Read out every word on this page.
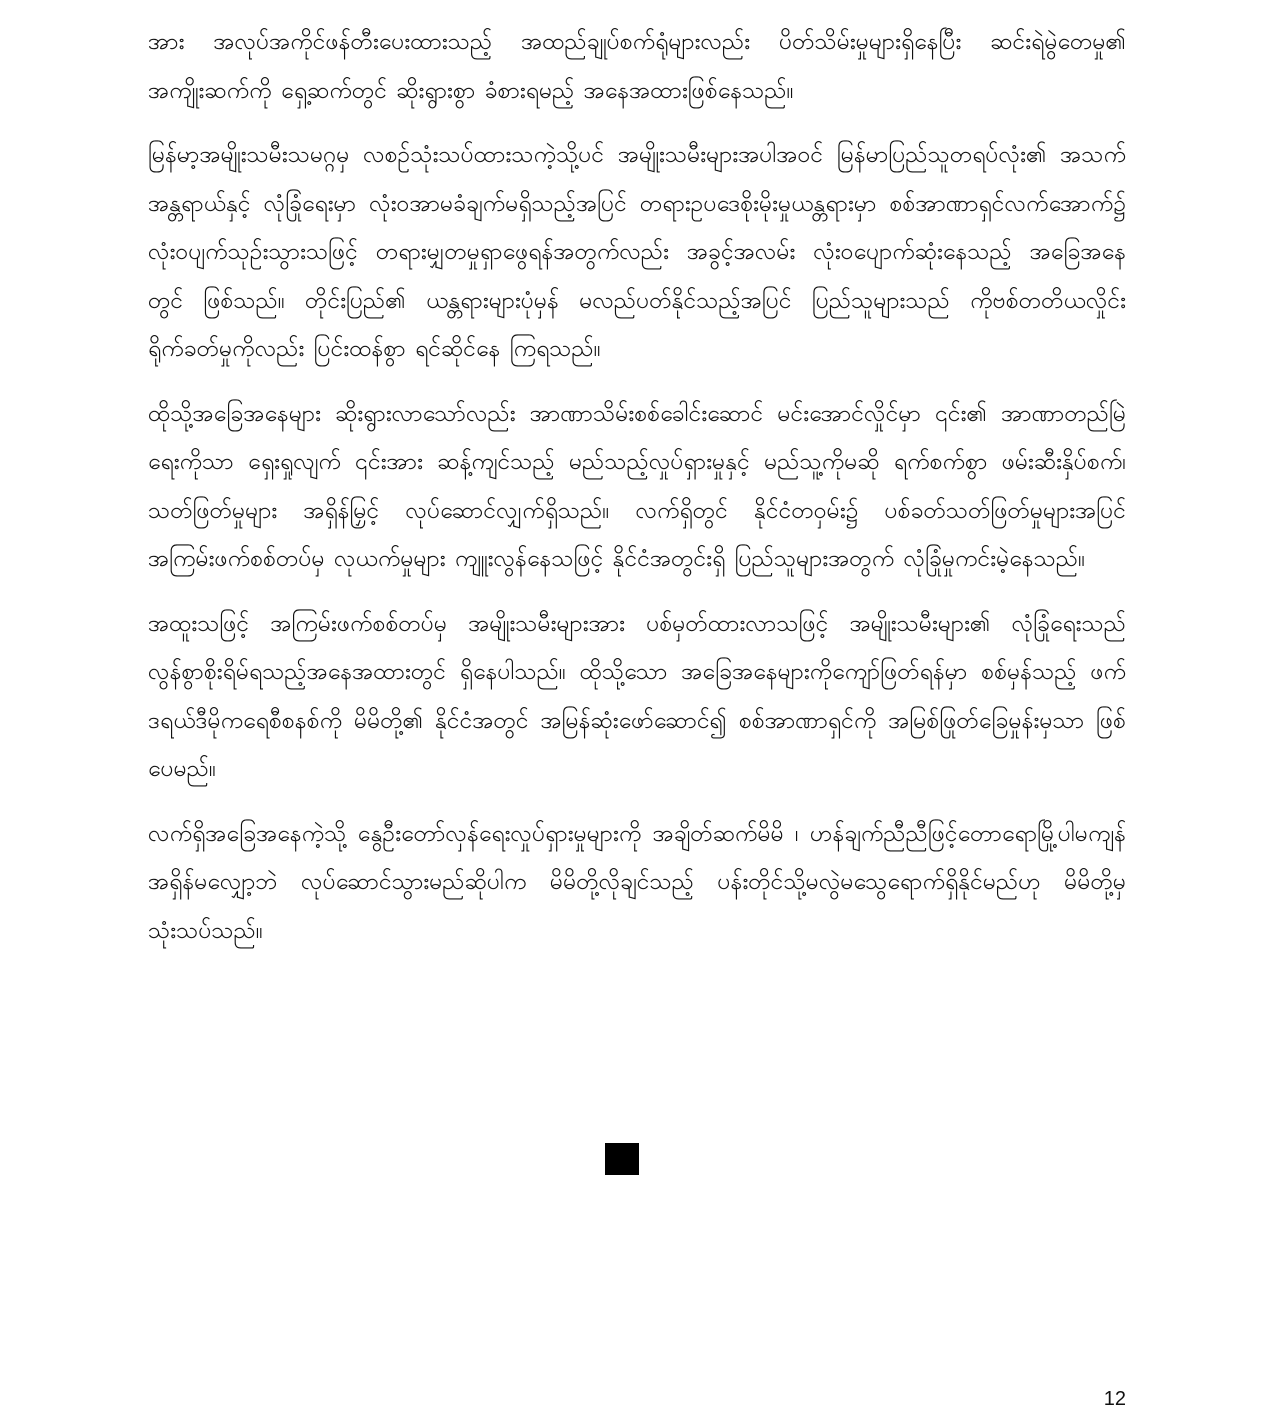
အား အလုပ်အကိုင်ဖန်တီးပေးထားသည့် အထည်ချုပ်စက်ရုံများလည်း ပိတ်သိမ်းမှုများရှိနေပြီး ဆင်းရဲမွဲတေမှု၏ အကျိုးဆက်ကို ရှေ့ဆက်တွင် ဆိုးရွားစွာ ခံစားရမည့် အနေအထားဖြစ်နေသည်။

မြန်မာ့အမျိုးသမီးသမဂ္ဂမှ လစဉ်သုံးသပ်ထားသကဲ့သို့ပင် အမျိုးသမီးများအပါအဝင် မြန်မာပြည်သူတရပ်လုံး၏ အသက်အန္တရာယ်နှင့် လုံခြုံရေးမှာ လုံးဝအာမခံချက်မရှိသည့်အပြင် တရားဥပဒေစိုးမိုးမှုယန္တရားမှာ စစ်အာဏာရှင်လက်အောက်၌ လုံးဝပျက်သုဉ်းသွားသဖြင့် တရားမျှတမှုရှာဖွေရန်အတွက်လည်း အခွင့်အလမ်း လုံးဝပျောက်ဆုံးနေသည့် အခြေအနေတွင် ဖြစ်သည်။ တိုင်းပြည်၏ ယန္တရားများပုံမှန် မလည်ပတ်နိုင်သည့်အပြင် ပြည်သူများသည် ကိုဗစ်တတိယလှိုင်း ရိုက်ခတ်မှုကိုလည်း ပြင်းထန်စွာ ရင်ဆိုင်နေ ကြရသည်။

ထိုသို့အခြေအနေများ ဆိုးရွားလာသော်လည်း အာဏာသိမ်းစစ်ခေါင်းဆောင် မင်းအောင်လှိုင်မှာ ၎င်း၏ အာဏာတည်မြဲရေးကိုသာ ရှေးရှုလျက် ၎င်းအား ဆန့်ကျင်သည့် မည်သည့်လှုပ်ရှားမှုနှင့် မည်သူ့ကိုမဆို ရက်စက်စွာ ဖမ်းဆီးနှိပ်စက်၊ သတ်ဖြတ်မှုများ အရှိန်မြှင့် လုပ်ဆောင်လျှက်ရှိသည်။ လက်ရှိတွင် နိုင်ငံတဝှမ်း၌ ပစ်ခတ်သတ်ဖြတ်မှုများအပြင် အကြမ်းဖက်စစ်တပ်မှ လုယက်မှုများ ကျူးလွန်နေသဖြင့် နိုင်ငံအတွင်းရှိ ပြည်သူများအတွက် လုံခြုံမှုကင်းမဲ့နေသည်။

အထူးသဖြင့် အကြမ်းဖက်စစ်တပ်မှ အမျိုးသမီးများအား ပစ်မှတ်ထားလာသဖြင့် အမျိုးသမီးများ၏ လုံခြုံရေးသည် လွန်စွာစိုးရိမ်ရသည့်အနေအထားတွင် ရှိနေပါသည်။ ထိုသို့သော အခြေအနေများကိုကျော်ဖြတ်ရန်မှာ စစ်မှန်သည့် ဖက်ဒရယ်ဒီမိုကရေစီစနစ်ကို မိမိတို့၏ နိုင်ငံအတွင် အမြန်ဆုံးဖော်ဆောင်၍ စစ်အာဏာရှင်ကို အမြစ်ဖြုတ်ခြေမှုန်းမှသာ ဖြစ်ပေမည်။

လက်ရှိအခြေအနေကဲ့သို့ နွေဦးတော်လှန်ရေးလှုပ်ရှားမှုများကို အချိတ်ဆက်မိမိ ၊ ဟန်ချက်ညီညီဖြင့်တောရောမြို့ပါမကျန် အရှိန်မလျှော့ဘဲ လုပ်ဆောင်သွားမည်ဆိုပါက မိမိတို့လိုချင်သည့် ပန်းတိုင်သို့မလွဲမသွေရောက်ရှိနိုင်မည်ဟု မိမိတို့မှ သုံးသပ်သည်။

12
